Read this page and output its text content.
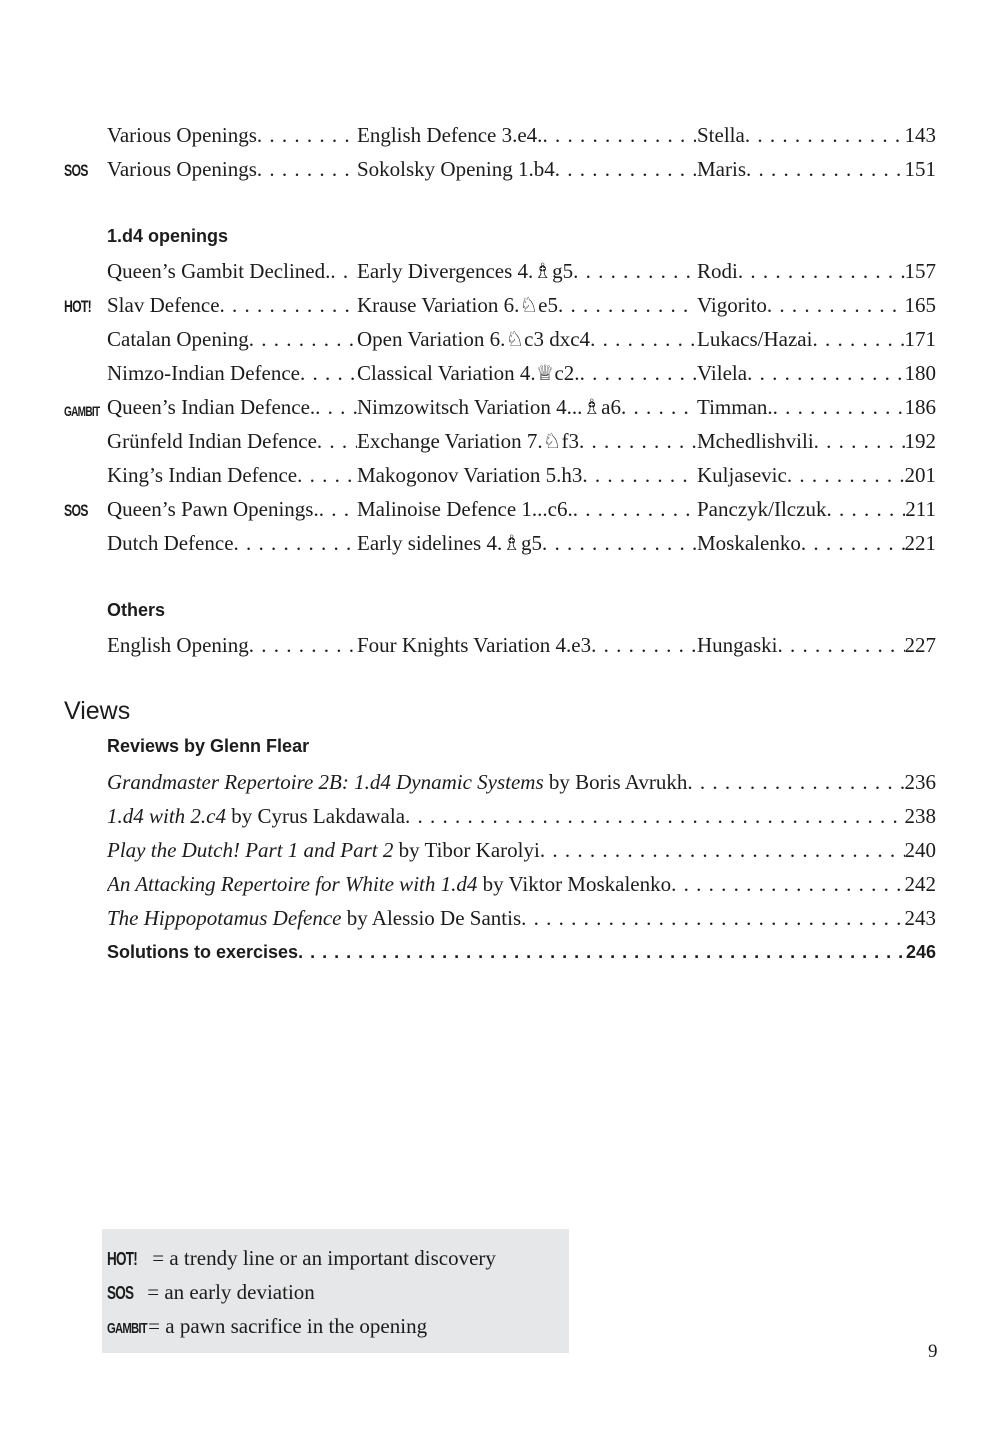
Various Openings . . .	English Defence 3.e4. . . .	Stella . . .	143
SOS Various Openings . . .	Sokolsky Opening 1.b4 . . .	Maris . . .	151
Queen’s Gambit Declined. . . . Early Divergences 4.♗g5 . . .	Rodi . . .	157
HOT! Slav Defence . . .	Krause Variation 6.♘e5 . . .	Vigorito . . .	165
Catalan Opening . . .	Open Variation 6.♘c3 dxc4 . . .	Lukacs/Hazai . . .	171
Nimzo-Indian Defence . . .	Classical Variation 4.♕c2. . . .	Vilela . . .	180
GAMBIT Queen’s Indian Defence. . . . Nimzowitsch Variation 4...♗a6 . . .	Timman. . . .	186
Grünfeld Indian Defence . . . Exchange Variation 7.♘f3 . . .	Mchedlishvili . . .	192
King’s Indian Defence . . .	Makogonov Variation 5.h3 . . .	Kuljasevic . . .	201
SOS Queen’s Pawn Openings. . . . Malinoise Defence 1...c6. . . .	Panczyk/Ilczuk . . .	211
Dutch Defence . . .	Early sidelines 4.♗g5 . . .	Moskalenko . . .	221
English Opening . . .	Four Knights Variation 4.e3 . . .	Hungaski . . .	227
Grandmaster Repertoire 2B: 1.d4 Dynamic Systems by Boris Avrukh . . .	236
1.d4 with 2.c4 by Cyrus Lakdawala . . .	238
Play the Dutch! Part 1 and Part 2 by Tibor Karolyi . . .	240
An Attacking Repertoire for White with 1.d4 by Viktor Moskalenko . . .	242
The Hippopotamus Defence by Alessio De Santis . . .	243
1.d4 openings
Others
Views
Reviews by Glenn Flear
Solutions to exercises . . .	246
HOT! = a trendy line or an important discovery
SOS = an early deviation
GAMBIT= a pawn sacrifice in the opening
9
